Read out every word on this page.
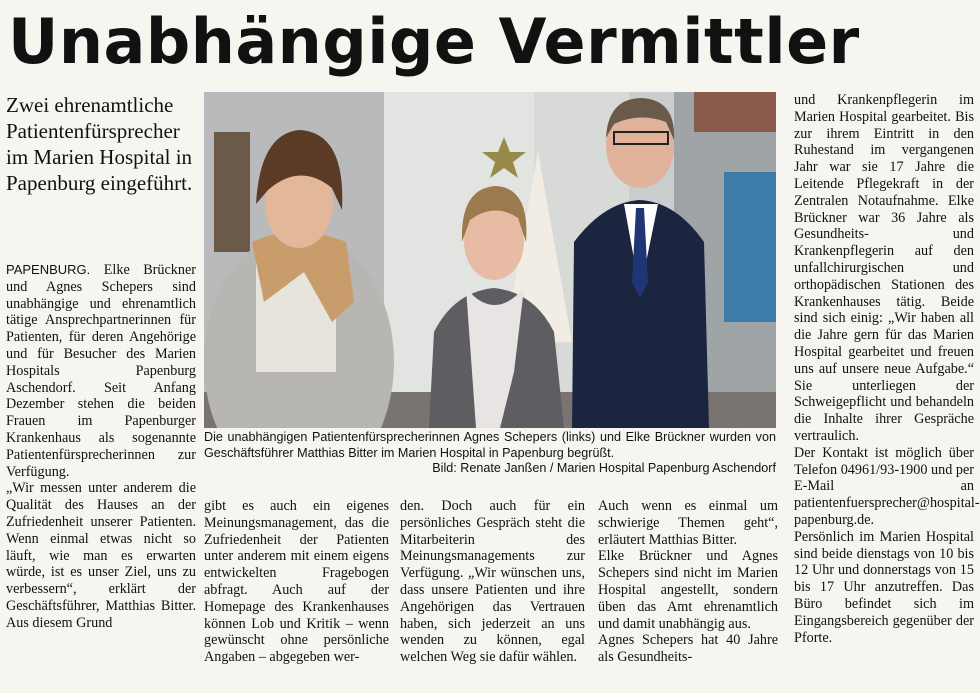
Unabhängige Vermittler
Zwei ehrenamtliche Patientenfürsprecher im Marien Hospital in Papenburg eingeführt.

PAPENBURG. Elke Brückner und Agnes Schepers sind unabhängige und ehrenamtlich tätige Ansprechpartnerinnen für Patienten, für deren Angehörige und für Besucher des Marien Hospitals Papenburg Aschendorf. Seit Anfang Dezember stehen die beiden Frauen im Papenburger Krankenhaus als sogenannte Patientenfürsprecherinnen zur Verfügung.

„Wir messen unter anderem die Qualität des Hauses an der Zufriedenheit unserer Patienten. Wenn einmal etwas nicht so läuft, wie man es erwarten würde, ist es unser Ziel, uns zu verbessern“, erklärt der Geschäftsführer, Matthias Bitter. Aus diesem Grund

Die unabhängigen Patientenfürsprecherinnen Agnes Schepers (links) und Elke Brückner wurden von Geschäftsführer Matthias Bitter im Marien Hospital in Papenburg begrüßt.
Bild: Renate Janßen / Marien Hospital Papenburg Aschendorf

gibt es auch ein eigenes Meinungsmanagement, das die Zufriedenheit der Patienten unter anderem mit einem eigens entwickelten Fragebogen abfragt. Auch auf der Homepage des Krankenhauses können Lob und Kritik – wenn gewünscht ohne persönliche Angaben – abgegeben wer-

den. Doch auch für ein persönliches Gespräch steht die Mitarbeiterin des Meinungsmanagements zur Verfügung. „Wir wünschen uns, dass unsere Patienten und ihre Angehörigen das Vertrauen haben, sich jederzeit an uns wenden zu können, egal welchen Weg sie dafür wählen.

Auch wenn es einmal um schwierige Themen geht“, erläutert Matthias Bitter.

Elke Brückner und Agnes Schepers sind nicht im Marien Hospital angestellt, sondern üben das Amt ehrenamtlich und damit unabhängig aus.

Agnes Schepers hat 40 Jahre als Gesundheits-

und Krankenpflegerin im Marien Hospital gearbeitet. Bis zur ihrem Eintritt in den Ruhestand im vergangenen Jahr war sie 17 Jahre die Leitende Pflegekraft in der Zentralen Notaufnahme. Elke Brückner war 36 Jahre als Gesundheits- und Krankenpflegerin auf den unfallchirurgischen und orthopädischen Stationen des Krankenhauses tätig. Beide sind sich einig: „Wir haben all die Jahre gern für das Marien Hospital gearbeitet und freuen uns auf unsere neue Aufgabe.“ Sie unterliegen der Schweigepflicht und behandeln die Inhalte ihrer Gespräche vertraulich.

Der Kontakt ist möglich über Telefon 04961/93-1900 und per E-Mail an patientenfuersprecher@hospital-papenburg.de.

Persönlich im Marien Hospital sind beide dienstags von 10 bis 12 Uhr und donnerstags von 15 bis 17 Uhr anzutreffen. Das Büro befindet sich im Eingangsbereich gegenüber der Pforte.
